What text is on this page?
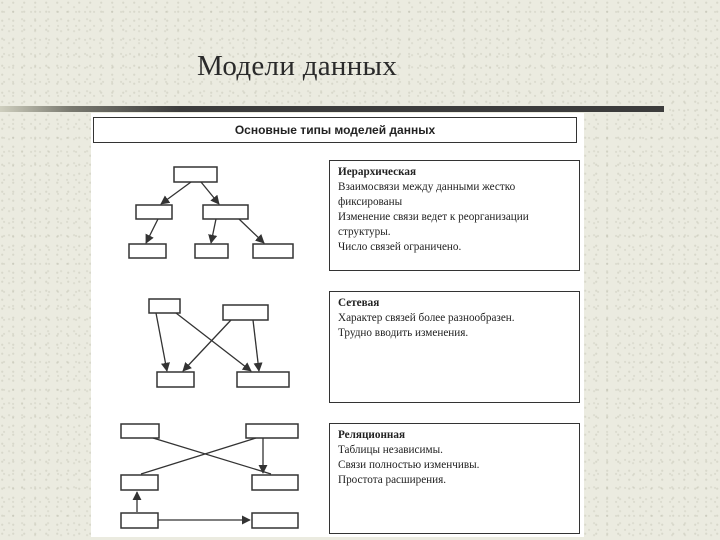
Модели данных
Основные типы моделей данных
Иерархическая
Взаимосвязи между данными жестко фиксированы
Изменение связи ведет к реорганизации структуры.
Число связей ограничено.
Сетевая
Характер связей более разнообразен.
Трудно вводить изменения.
Реляционная
Таблицы независимы.
Связи полностью изменчивы.
Простота расширения.
